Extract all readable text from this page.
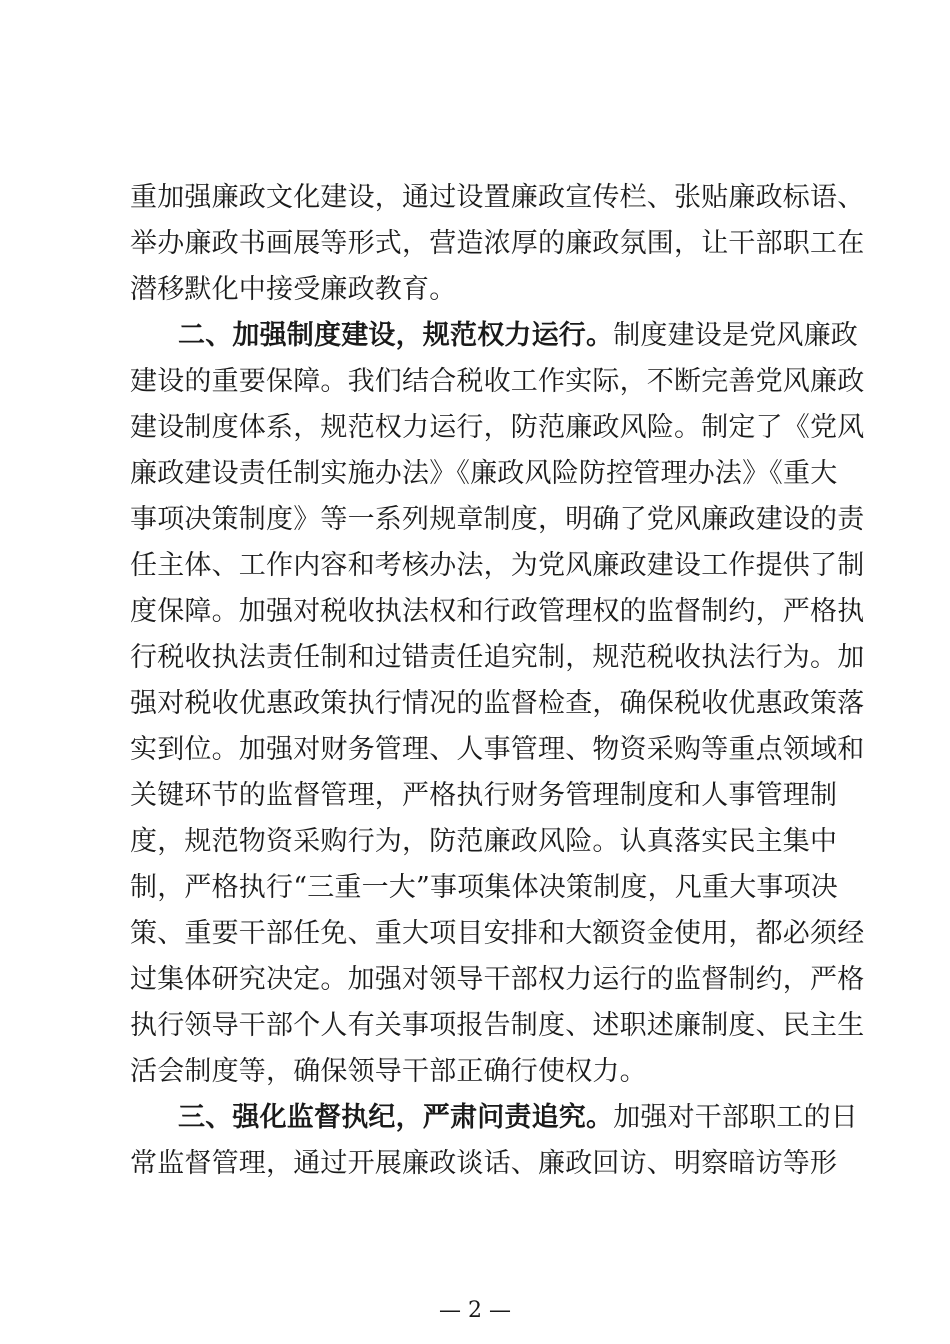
重加强廉政文化建设，通过设置廉政宣传栏、张贴廉政标语、
举办廉政书画展等形式，营造浓厚的廉政氛围，让干部职工在
潜移默化中接受廉政教育。
二、加强制度建设，规范权力运行。制度建设是党风廉政
建设的重要保障。我们结合税收工作实际，不断完善党风廉政
建设制度体系，规范权力运行，防范廉政风险。制定了《党风
廉政建设责任制实施办法》《廉政风险防控管理办法》《重大
事项决策制度》等一系列规章制度，明确了党风廉政建设的责
任主体、工作内容和考核办法，为党风廉政建设工作提供了制
度保障。加强对税收执法权和行政管理权的监督制约，严格执
行税收执法责任制和过错责任追究制，规范税收执法行为。加
强对税收优惠政策执行情况的监督检查，确保税收优惠政策落
实到位。加强对财务管理、人事管理、物资采购等重点领域和
关键环节的监督管理，严格执行财务管理制度和人事管理制
度，规范物资采购行为，防范廉政风险。认真落实民主集中
制，严格执行“三重一大”事项集体决策制度，凡重大事项决
策、重要干部任免、重大项目安排和大额资金使用，都必须经
过集体研究决定。加强对领导干部权力运行的监督制约，严格
执行领导干部个人有关事项报告制度、述职述廉制度、民主生
活会制度等，确保领导干部正确行使权力。
三、强化监督执纪，严肃问责追究。加强对干部职工的日
常监督管理，通过开展廉政谈话、廉政回访、明察暗访等形
— 2 —
